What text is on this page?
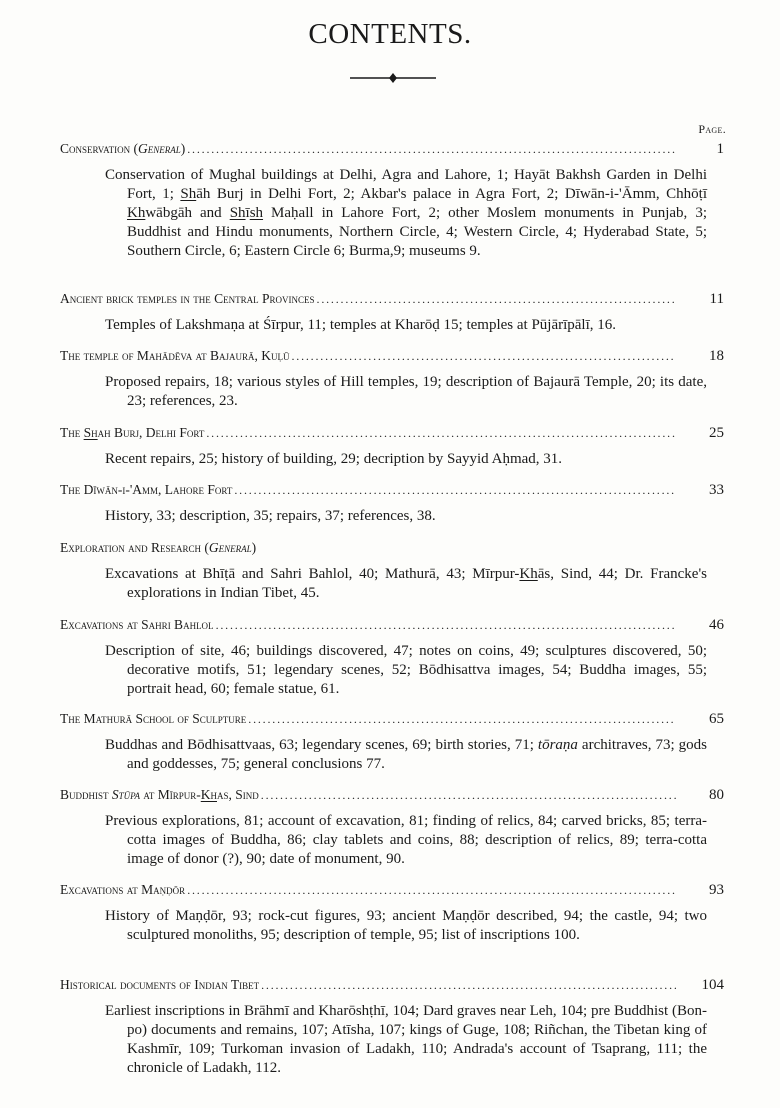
CONTENTS.
Page.
Conservation (General) . . .	1
Conservation of Mughal buildings at Delhi, Agra and Lahore, 1; Hayāt Bakhsh Garden in Delhi Fort, 1; Shāh Burj in Delhi Fort, 2; Akbar's palace in Agra Fort, 2; Dīwān-i-'Āmm, Chhōṭī Khwābgāh and Shīsh Maḥall in Lahore Fort, 2; other Moslem monuments in Punjab, 3; Buddhist and Hindu monuments, Northern Circle, 4; Western Circle, 4; Hyderabad State, 5; Southern Circle, 6; Eastern Circle 6; Burma,9; museums 9.
Ancient brick temples in the Central Provinces . . .	11
Temples of Lakshmaṇa at Śīrpur, 11; temples at Kharōḍ 15; temples at Pūjārīpālī, 16.
The temple of Mahādēva at Bajaurā, Kuḷū . . .	18
Proposed repairs, 18; various styles of Hill temples, 19; description of Bajaurā Temple, 20; its date, 23; references, 23.
The Shah Burj, Delhi Fort . . .	25
Recent repairs, 25; history of building, 29; decription by Sayyid Aḥmad, 31.
The Dīwān-i-'Amm, Lahore Fort . . .	33
History, 33; description, 35; repairs, 37; references, 38.
Exploration and Research (General)
Excavations at Bhīṭā and Sahri Bahlol, 40; Mathurā, 43; Mīrpur-Khās, Sind, 44; Dr. Francke's explorations in Indian Tibet, 45.
Excavations at Sahri Bahlol . . .	46
Description of site, 46; buildings discovered, 47; notes on coins, 49; sculptures discovered, 50; decorative motifs, 51; legendary scenes, 52; Bōdhisattva images, 54; Buddha images, 55; portrait head, 60; female statue, 61.
The Mathurā School of Sculpture . . .	65
Buddhas and Bōdhisattvaas, 63; legendary scenes, 69; birth stories, 71; tōraṇa architraves, 73; gods and goddesses, 75; general conclusions 77.
Buddhist Stūpa at Mīrpur-Khas, Sind . . .	80
Previous explorations, 81; account of excavation, 81; finding of relics, 84; carved bricks, 85; terra-cotta images of Buddha, 86; clay tablets and coins, 88; description of relics, 89; terra-cotta image of donor (?), 90; date of monument, 90.
Excavations at Maṇḍōr . . .	93
History of Maṇḍōr, 93; rock-cut figures, 93; ancient Maṇḍōr described, 94; the castle, 94; two sculptured monoliths, 95; description of temple, 95; list of inscriptions 100.
Historical documents of Indian Tibet . . .	104
Earliest inscriptions in Brāhmī and Kharōshṭhī, 104; Dard graves near Leh, 104; pre Buddhist (Bon-po) documents and remains, 107; Atīsha, 107; kings of Guge, 108; Riñchan, the Tibetan king of Kashmīr, 109; Turkoman invasion of Ladakh, 110; Andrada's account of Tsaprang, 111; the chronicle of Ladakh, 112.
